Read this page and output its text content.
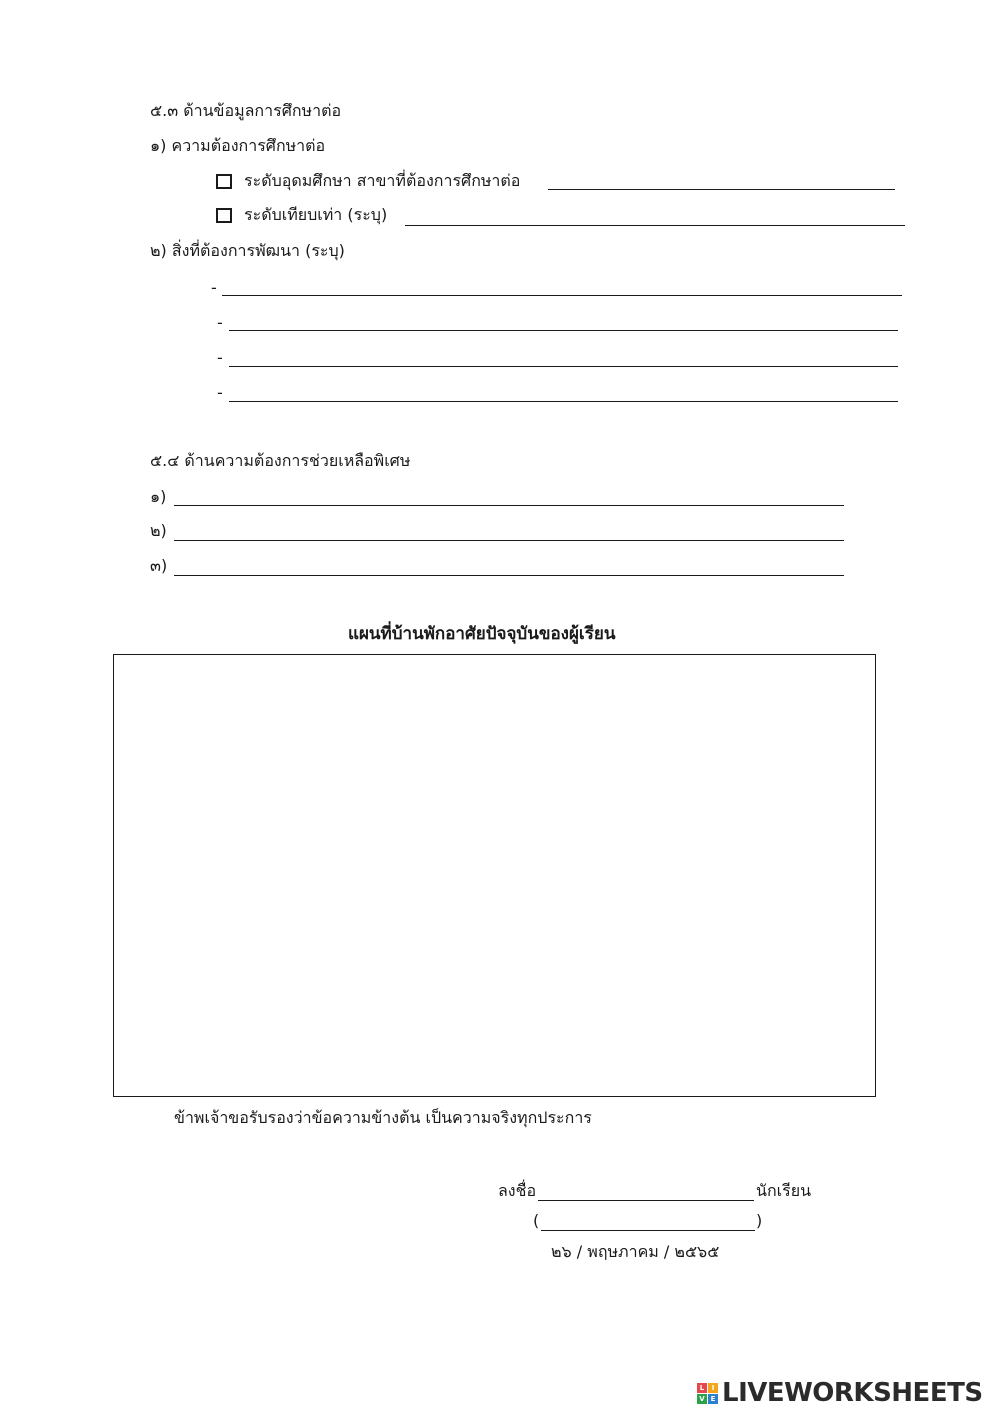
๕.๓ ด้านข้อมูลการศึกษาต่อ
๑) ความต้องการศึกษาต่อ
ระดับอุดมศึกษา สาขาที่ต้องการศึกษาต่อ
ระดับเทียบเท่า (ระบุ)
๒) สิ่งที่ต้องการพัฒนา (ระบุ)
-
-
-
-
๕.๔ ด้านความต้องการช่วยเหลือพิเศษ
๑)
๒)
๓)
แผนที่บ้านพักอาศัยปัจจุบันของผู้เรียน
ข้าพเจ้าขอรับรองว่าข้อความข้างต้น เป็นความจริงทุกประการ
ลงชื่อ	นักเรียน
(	)
๒๖ / พฤษภาคม / ๒๕๖๕
L	I
V E LIVEWORKSHEETS
